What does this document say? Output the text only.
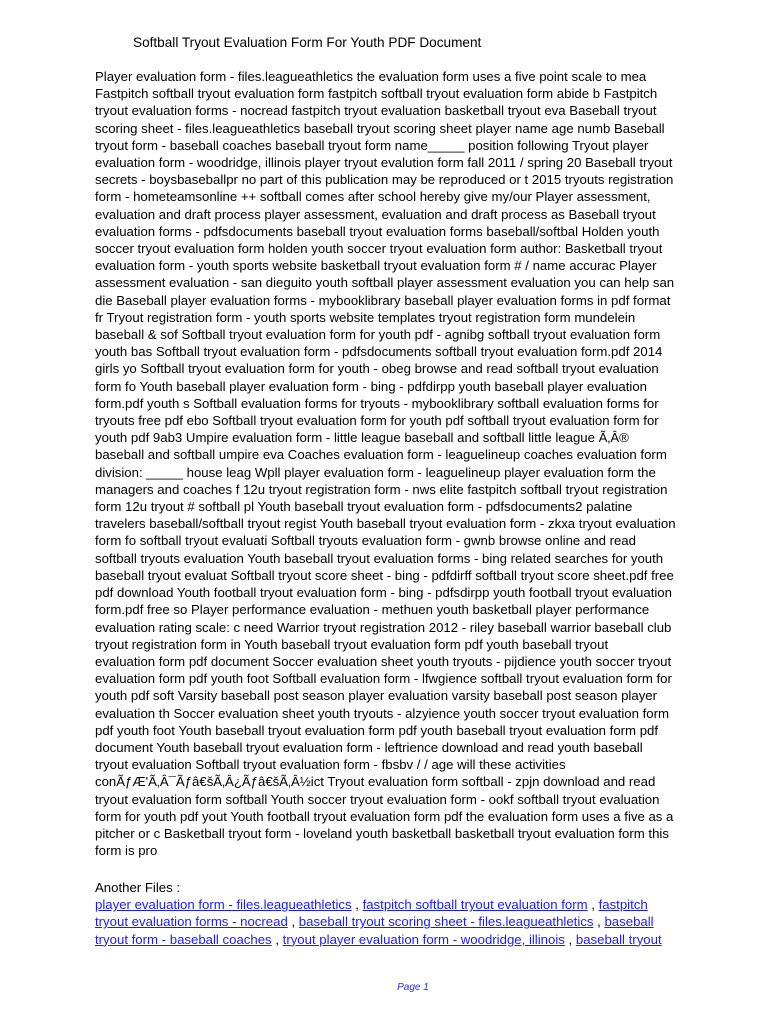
Softball Tryout Evaluation Form For Youth PDF Document
Player evaluation form - files.leagueathletics the evaluation form uses a five point scale to mea
Fastpitch softball tryout evaluation form fastpitch softball tryout evaluation form abide b Fastpitch
tryout evaluation forms - nocread fastpitch tryout evaluation basketball tryout eva Baseball tryout
scoring sheet - files.leagueathletics baseball tryout scoring sheet player name age numb Baseball
tryout form - baseball coaches baseball tryout form name_____ position following Tryout player
evaluation form - woodridge, illinois player tryout evalution form fall 2011 / spring 20 Baseball tryout
secrets - boysbaseballpr no part of this publication may be reproduced or t 2015 tryouts registration
form - hometeamsonline ++ softball comes after school hereby give my/our Player assessment,
evaluation and draft process player assessment, evaluation and draft process as Baseball tryout
evaluation forms - pdfsdocuments baseball tryout evaluation forms baseball/softbal Holden youth
soccer tryout evaluation form holden youth soccer tryout evaluation form author: Basketball tryout
evaluation form - youth sports website basketball tryout evaluation form # / name accurac Player
assessment evaluation - san dieguito youth softball player assessment evaluation you can help san
die Baseball player evaluation forms - mybooklibrary baseball player evaluation forms in pdf format
fr Tryout registration form - youth sports website templates tryout registration form mundelein
baseball & sof Softball tryout evaluation form for youth pdf - agnibg softball tryout evaluation form
youth bas Softball tryout evaluation form - pdfsdocuments softball tryout evaluation form.pdf 2014
girls yo Softball tryout evaluation form for youth - obeg browse and read softball tryout evaluation
form fo Youth baseball player evaluation form - bing - pdfdirpp youth baseball player evaluation
form.pdf youth s Softball evaluation forms for tryouts - mybooklibrary softball evaluation forms for
tryouts free pdf ebo Softball tryout evaluation form for youth pdf softball tryout evaluation form for
youth pdf 9ab3 Umpire evaluation form - little league baseball and softball little league Ã‚Â®
baseball and softball umpire eva Coaches evaluation form - leaguelineup coaches evaluation form
division: _____ house leag Wpll player evaluation form - leaguelineup player evaluation form the
managers and coaches f 12u tryout registration form - nws elite fastpitch softball tryout registration
form 12u tryout # softball pl Youth baseball tryout evaluation form - pdfsdocuments2 palatine
travelers baseball/softball tryout regist Youth baseball tryout evaluation form - zkxa tryout evaluation
form fo softball tryout evaluati Softball tryouts evaluation form - gwnb browse online and read
softball tryouts evaluation Youth baseball tryout evaluation forms - bing related searches for youth
baseball tryout evaluat Softball tryout score sheet - bing - pdfdirff softball tryout score sheet.pdf free
pdf download Youth football tryout evaluation form - bing - pdfsdirpp youth football tryout evaluation
form.pdf free so Player performance evaluation - methuen youth basketball player performance
evaluation rating scale: c need Warrior tryout registration 2012 - riley baseball warrior baseball club
tryout registration form in Youth baseball tryout evaluation form pdf youth baseball tryout
evaluation form pdf document Soccer evaluation sheet youth tryouts - pijdience youth soccer tryout
evaluation form pdf youth foot Softball evaluation form - lfwgience softball tryout evaluation form for
youth pdf soft Varsity baseball post season player evaluation varsity baseball post season player
evaluation th Soccer evaluation sheet youth tryouts - alzyience youth soccer tryout evaluation form
pdf youth foot Youth baseball tryout evaluation form pdf youth baseball tryout evaluation form pdf
document Youth baseball tryout evaluation form - leftrience download and read youth baseball
tryout evaluation Softball tryout evaluation form - fbsbv / / age will these activities
conÃƒÆ'Ã‚Â¯Ãƒâ€šÃ‚Â¿Ãƒâ€šÃ‚Â½ict Tryout evaluation form softball - zpjn download and read
tryout evaluation form softball Youth soccer tryout evaluation form - ookf softball tryout evaluation
form for youth pdf yout Youth football tryout evaluation form pdf the evaluation form uses a five as a
pitcher or c Basketball tryout form - loveland youth basketball basketball tryout evaluation form this
form is pro
Another Files :
player evaluation form - files.leagueathletics , fastpitch softball tryout evaluation form , fastpitch
tryout evaluation forms - nocread , baseball tryout scoring sheet - files.leagueathletics , baseball
tryout form - baseball coaches , tryout player evaluation form - woodridge, illinois , baseball tryout
Page 1
